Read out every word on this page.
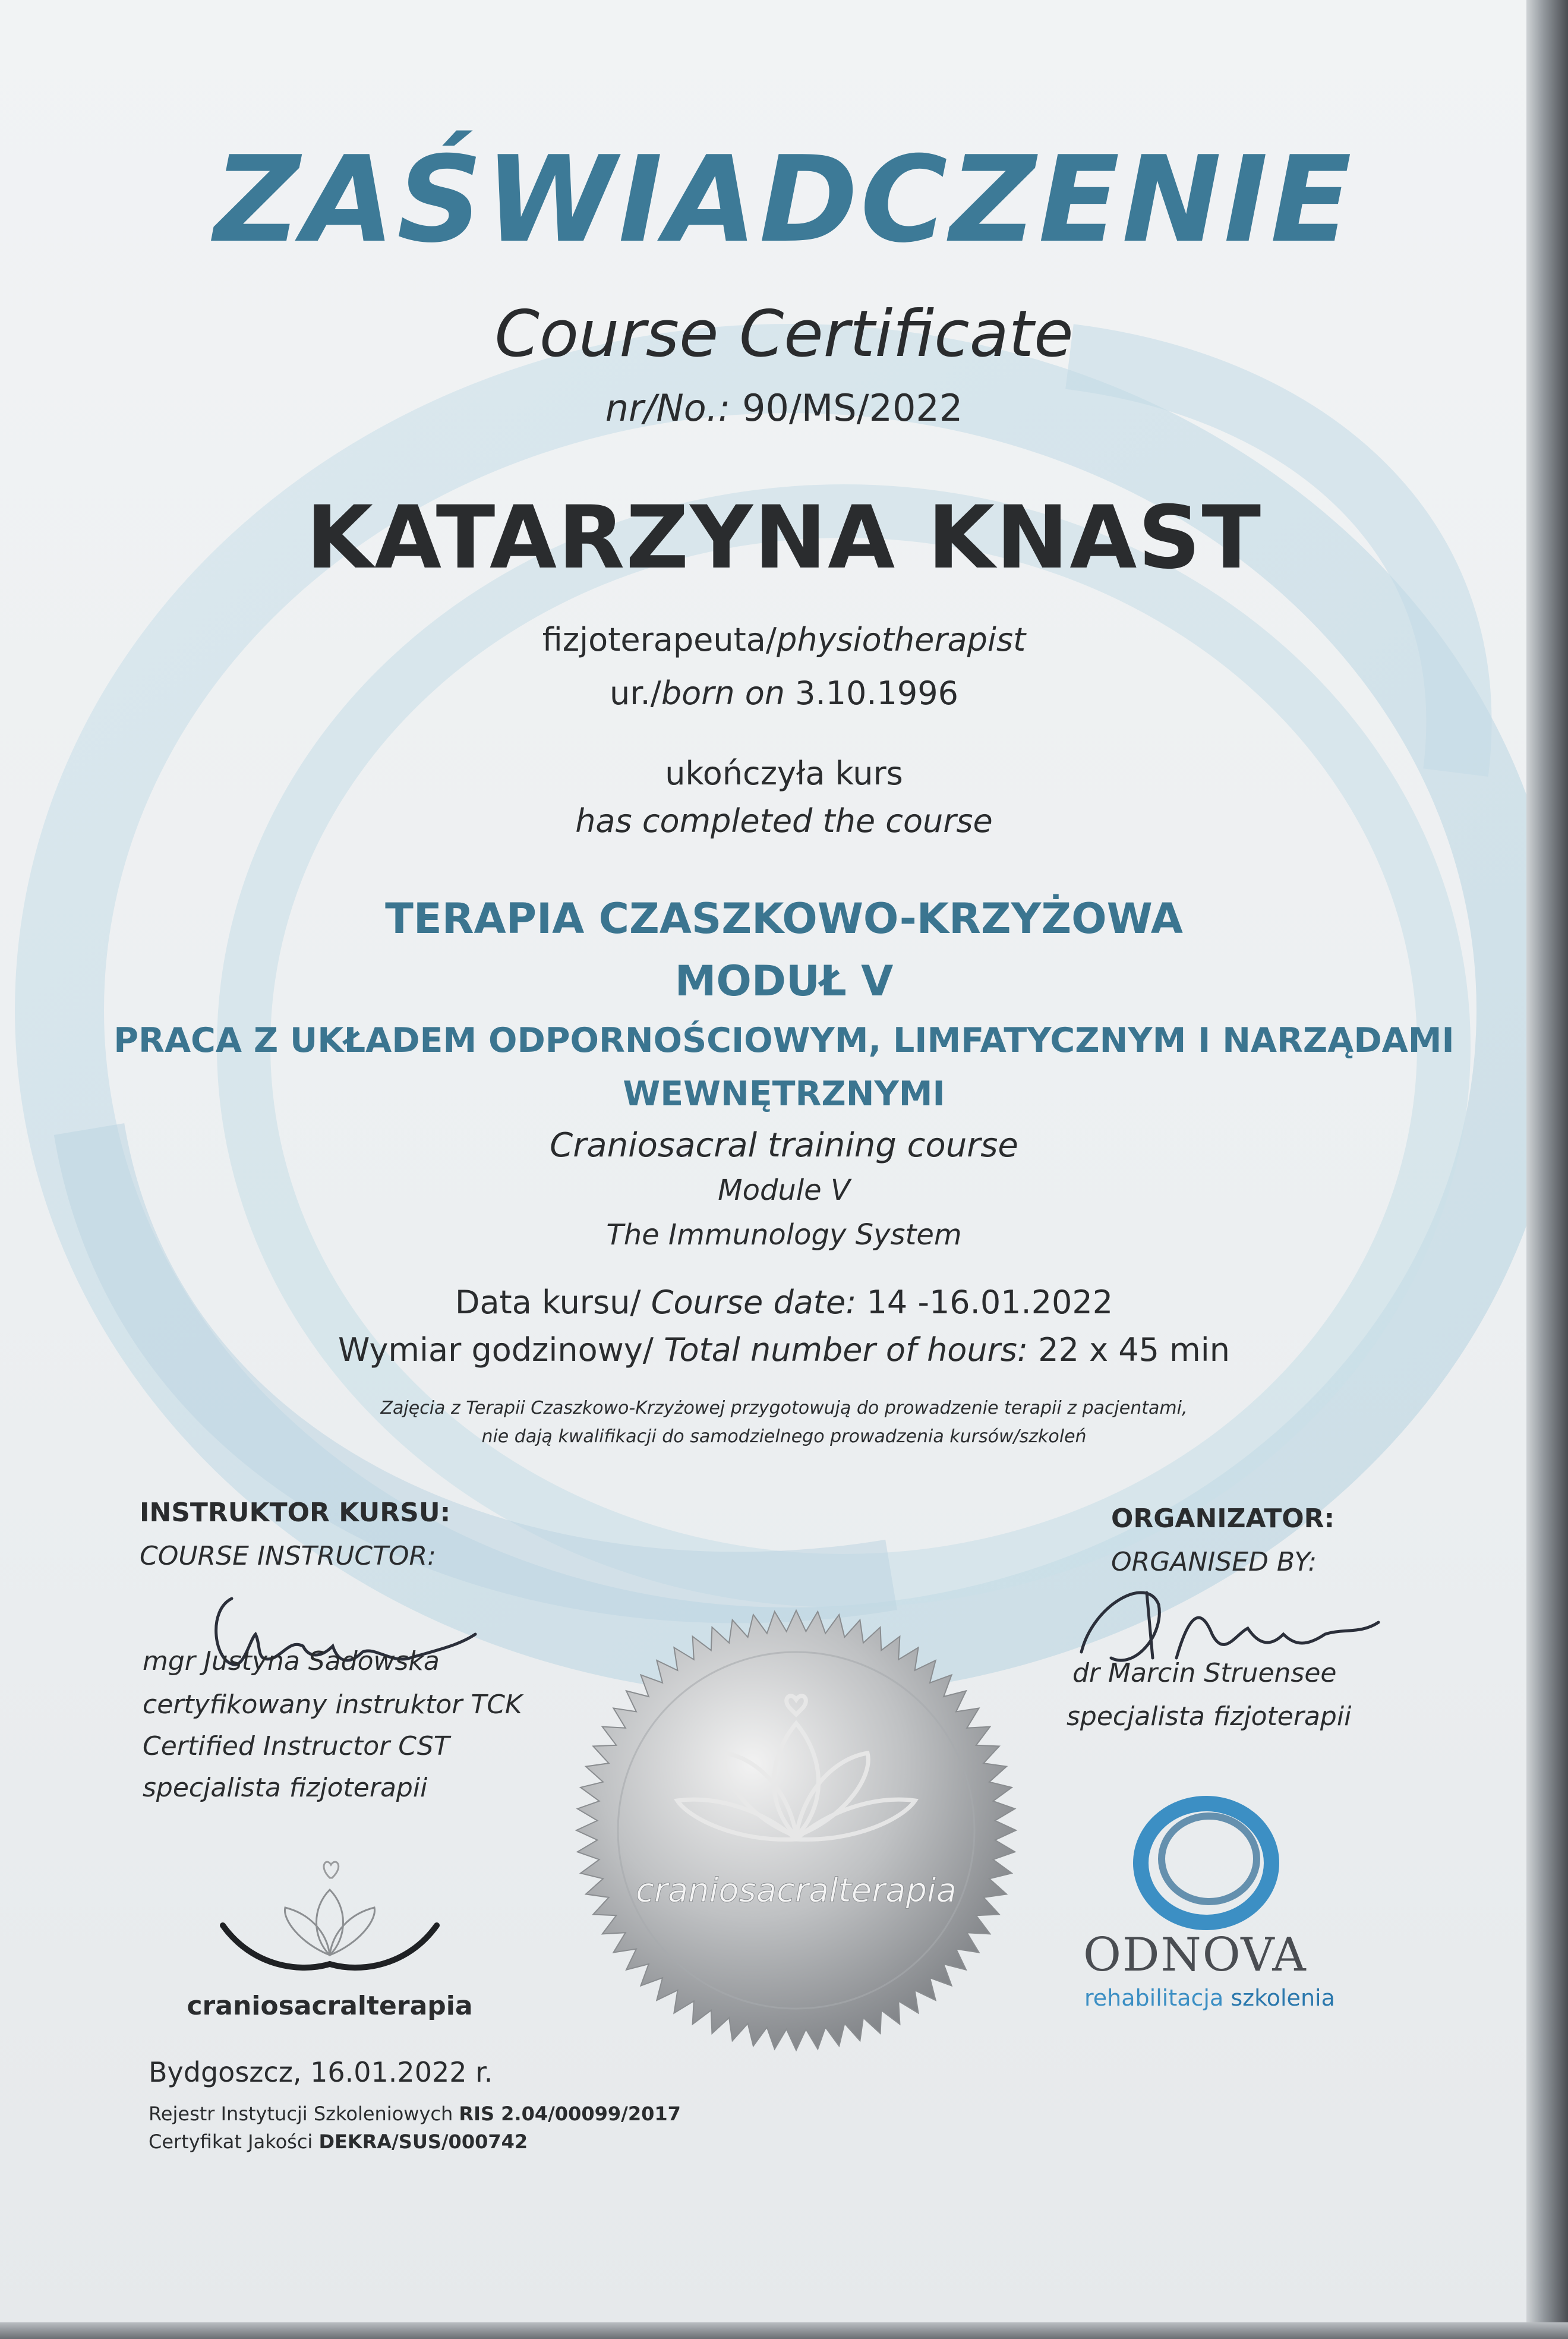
ZAŚWIADCZENIE

Course Certificate

nr/No.: 90/MS/2022

KATARZYNA KNAST

fizjoterapeuta/physiotherapist

ur./born on 3.10.1996

ukończyła kurs

has completed the course

TERAPIA CZASZKOWO-KRZYŻOWA

MODUŁ V

PRACA Z UKŁADEM ODPORNOŚCIOWYM, LIMFATYCZNYM I NARZĄDAMI

WEWNĘTRZNYMI

Craniosacral training course

Module V

The Immunology System

Data kursu/ Course date: 14 -16.01.2022

Wymiar godzinowy/ Total number of hours: 22 x 45 min

Zajęcia z Terapii Czaszkowo-Krzyżowej przygotowują do prowadzenie terapii z pacjentami,

nie dają kwalifikacji do samodzielnego prowadzenia kursów/szkoleń

INSTRUKTOR KURSU:

COURSE INSTRUCTOR:

mgr Justyna Sadowska

certyfikowany instruktor TCK

Certified Instructor CST

specjalista fizjoterapii

ORGANIZATOR:

ORGANISED BY:

dr Marcin Struensee

specjalista fizjoterapii

craniosacralterapia
craniosacralterapia

ODNOVA

rehabilitacja szkolenia

Bydgoszcz, 16.01.2022 r.

Rejestr Instytucji Szkoleniowych RIS 2.04/00099/2017

Certyfikat Jakości DEKRA/SUS/000742
